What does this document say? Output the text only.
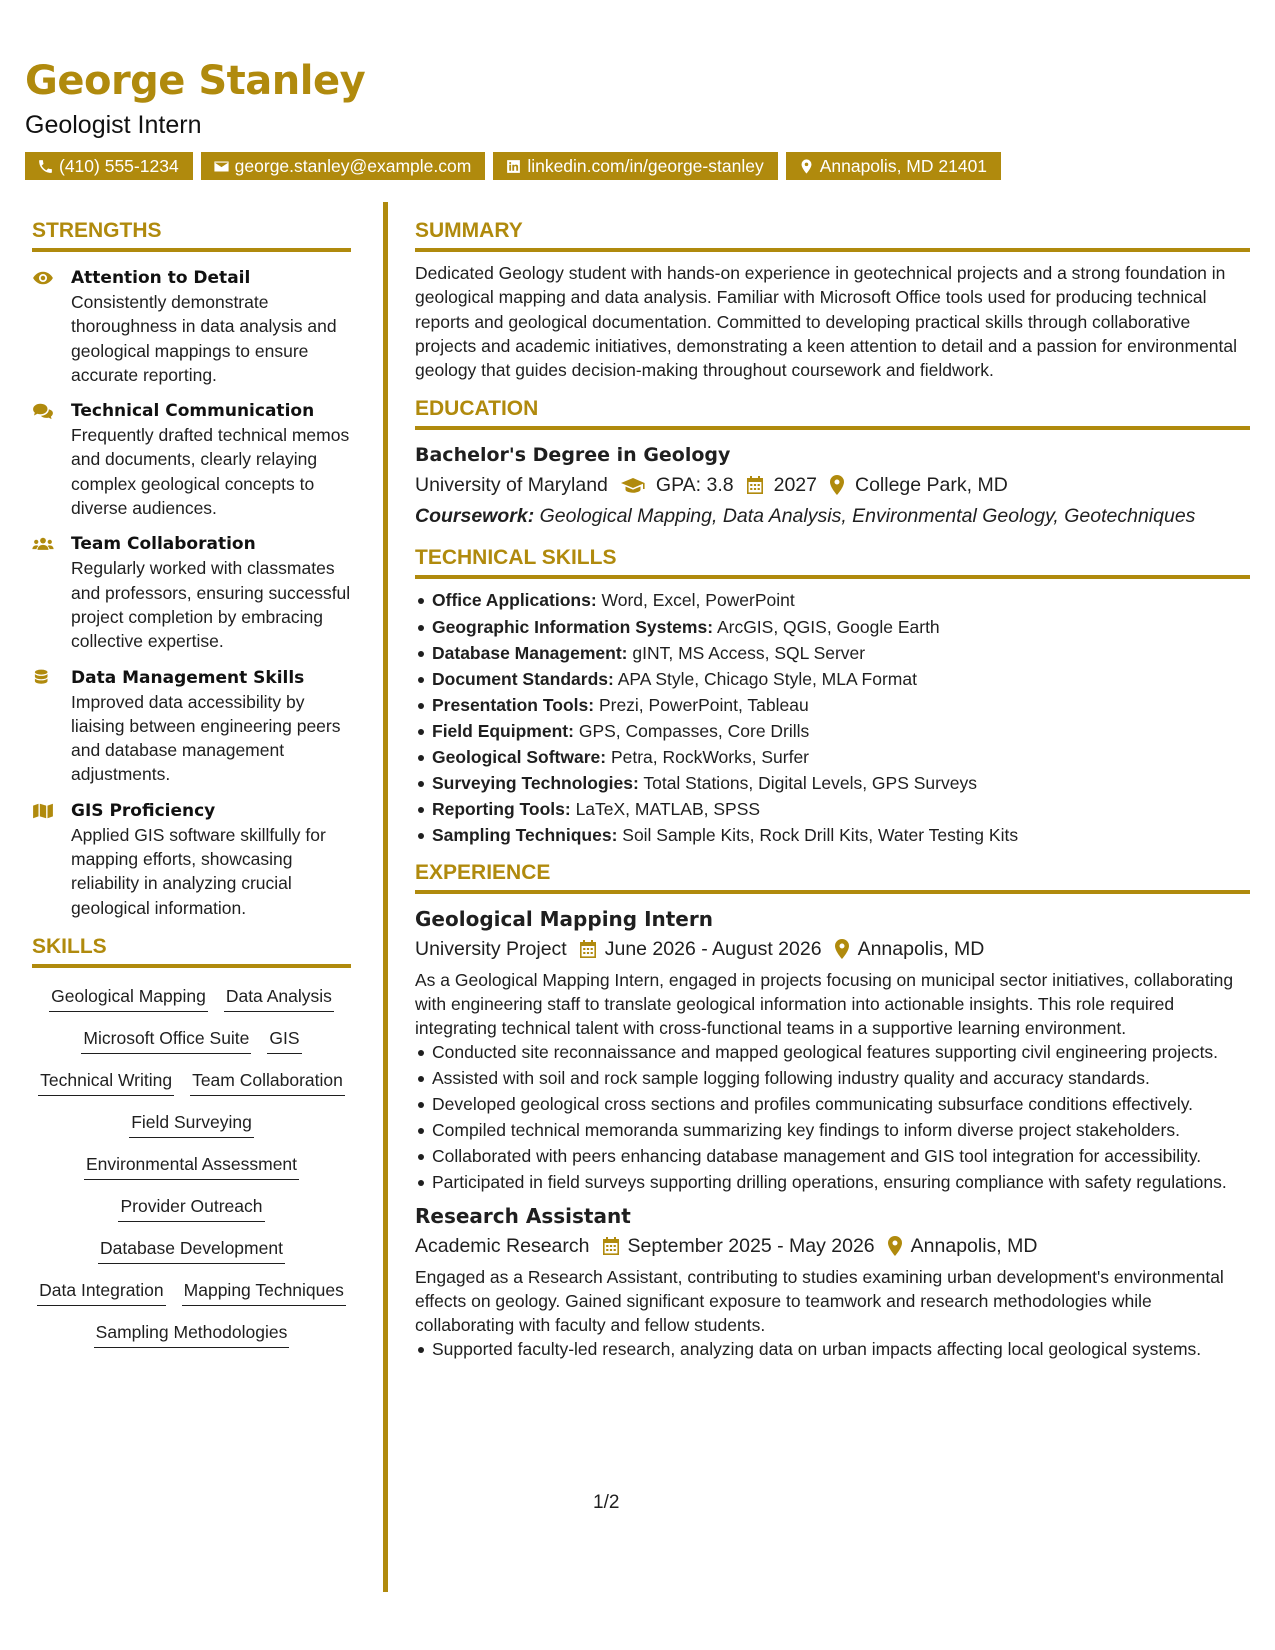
George Stanley
Geologist Intern
(410) 555-1234	george.stanley@example.com	linkedin.com/in/george-stanley	Annapolis, MD 21401
STRENGTHS
Attention to Detail
Consistently demonstrate thoroughness in data analysis and geological mappings to ensure accurate reporting.
Technical Communication
Frequently drafted technical memos and documents, clearly relaying complex geological concepts to diverse audiences.
Team Collaboration
Regularly worked with classmates and professors, ensuring successful project completion by embracing collective expertise.
Data Management Skills
Improved data accessibility by liaising between engineering peers and database management adjustments.
GIS Proficiency
Applied GIS software skillfully for mapping efforts, showcasing reliability in analyzing crucial geological information.
SKILLS
Geological Mapping Data Analysis
Microsoft Office Suite GIS
Technical Writing Team Collaboration
Field Surveying
Environmental Assessment
Provider Outreach
Database Development
Data Integration Mapping Techniques
Sampling Methodologies
SUMMARY
Dedicated Geology student with hands-on experience in geotechnical projects and a strong foundation in geological mapping and data analysis. Familiar with Microsoft Office tools used for producing technical reports and geological documentation. Committed to developing practical skills through collaborative projects and academic initiatives, demonstrating a keen attention to detail and a passion for environmental geology that guides decision-making throughout coursework and fieldwork.
EDUCATION
Bachelor's Degree in Geology
University of Maryland GPA: 3.8 2027 College Park, MD
Coursework: Geological Mapping, Data Analysis, Environmental Geology, Geotechniques
TECHNICAL SKILLS
Office Applications: Word, Excel, PowerPoint
Geographic Information Systems: ArcGIS, QGIS, Google Earth
Database Management: gINT, MS Access, SQL Server
Document Standards: APA Style, Chicago Style, MLA Format
Presentation Tools: Prezi, PowerPoint, Tableau
Field Equipment: GPS, Compasses, Core Drills
Geological Software: Petra, RockWorks, Surfer
Surveying Technologies: Total Stations, Digital Levels, GPS Surveys
Reporting Tools: LaTeX, MATLAB, SPSS
Sampling Techniques: Soil Sample Kits, Rock Drill Kits, Water Testing Kits
EXPERIENCE
Geological Mapping Intern
University Project June 2026 - August 2026 Annapolis, MD
As a Geological Mapping Intern, engaged in projects focusing on municipal sector initiatives, collaborating with engineering staff to translate geological information into actionable insights. This role required integrating technical talent with cross-functional teams in a supportive learning environment.
Conducted site reconnaissance and mapped geological features supporting civil engineering projects.
Assisted with soil and rock sample logging following industry quality and accuracy standards.
Developed geological cross sections and profiles communicating subsurface conditions effectively.
Compiled technical memoranda summarizing key findings to inform diverse project stakeholders.
Collaborated with peers enhancing database management and GIS tool integration for accessibility.
Participated in field surveys supporting drilling operations, ensuring compliance with safety regulations.
Research Assistant
Academic Research September 2025 - May 2026 Annapolis, MD
Engaged as a Research Assistant, contributing to studies examining urban development's environmental effects on geology. Gained significant exposure to teamwork and research methodologies while collaborating with faculty and fellow students.
Supported faculty-led research, analyzing data on urban impacts affecting local geological systems.
1/2
